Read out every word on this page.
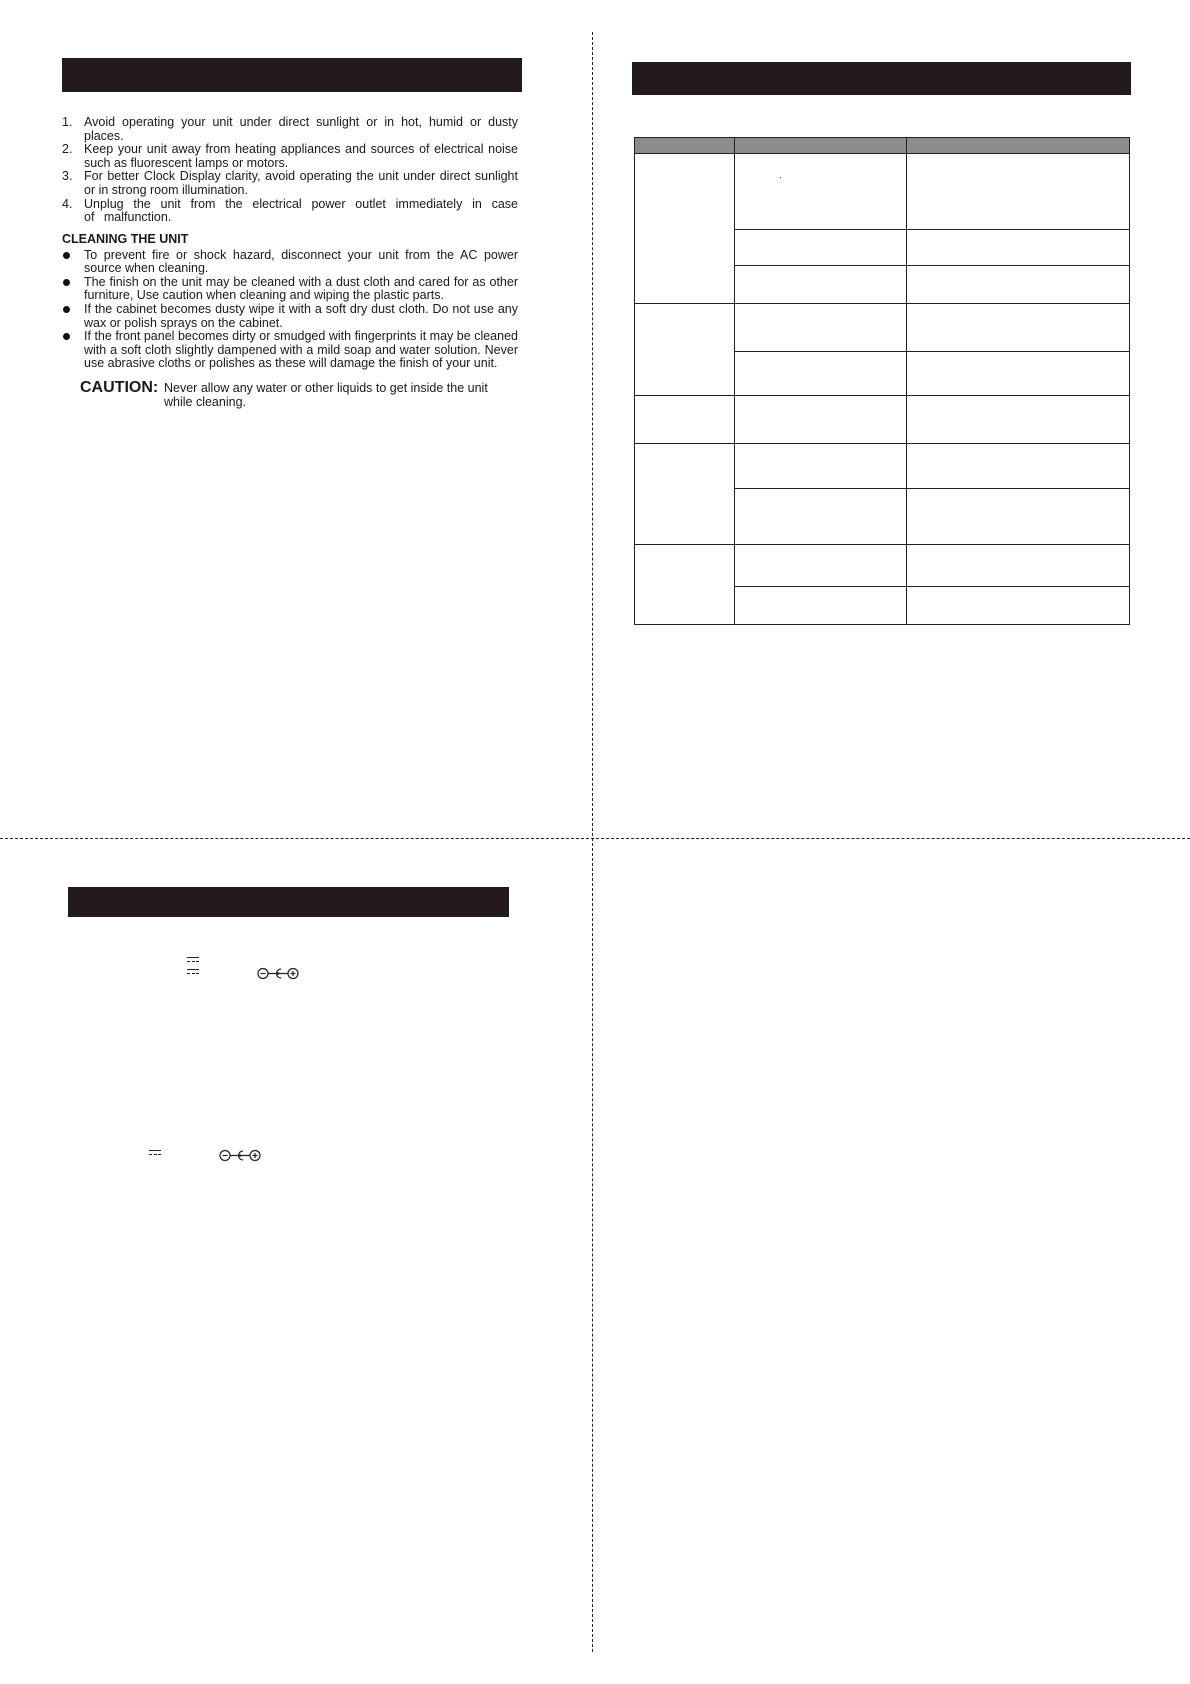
1. Avoid operating your unit under direct sunlight or in hot, humid or dusty places.
2. Keep your unit away from heating appliances and sources of electrical noise such as fluorescent lamps or motors.
3. For better Clock Display clarity, avoid operating the unit under direct sunlight or in strong room illumination.
4. Unplug the unit from the electrical power outlet immediately in case of malfunction.
CLEANING THE UNIT
To prevent fire or shock hazard, disconnect your unit from the AC power source when cleaning.
The finish on the unit may be cleaned with a dust cloth and cared for as other furniture, Use caution when cleaning and wiping the plastic parts.
If the cabinet becomes dusty wipe it with a soft dry dust cloth. Do not use any wax or polish sprays on the cabinet.
If the front panel becomes dirty or smudged with fingerprints it may be cleaned with a soft cloth slightly dampened with a mild soap and water solution. Never use abrasive cloths or polishes as these will damage the finish of your unit.
CAUTION: Never allow any water or other liquids to get inside the unit while cleaning.
